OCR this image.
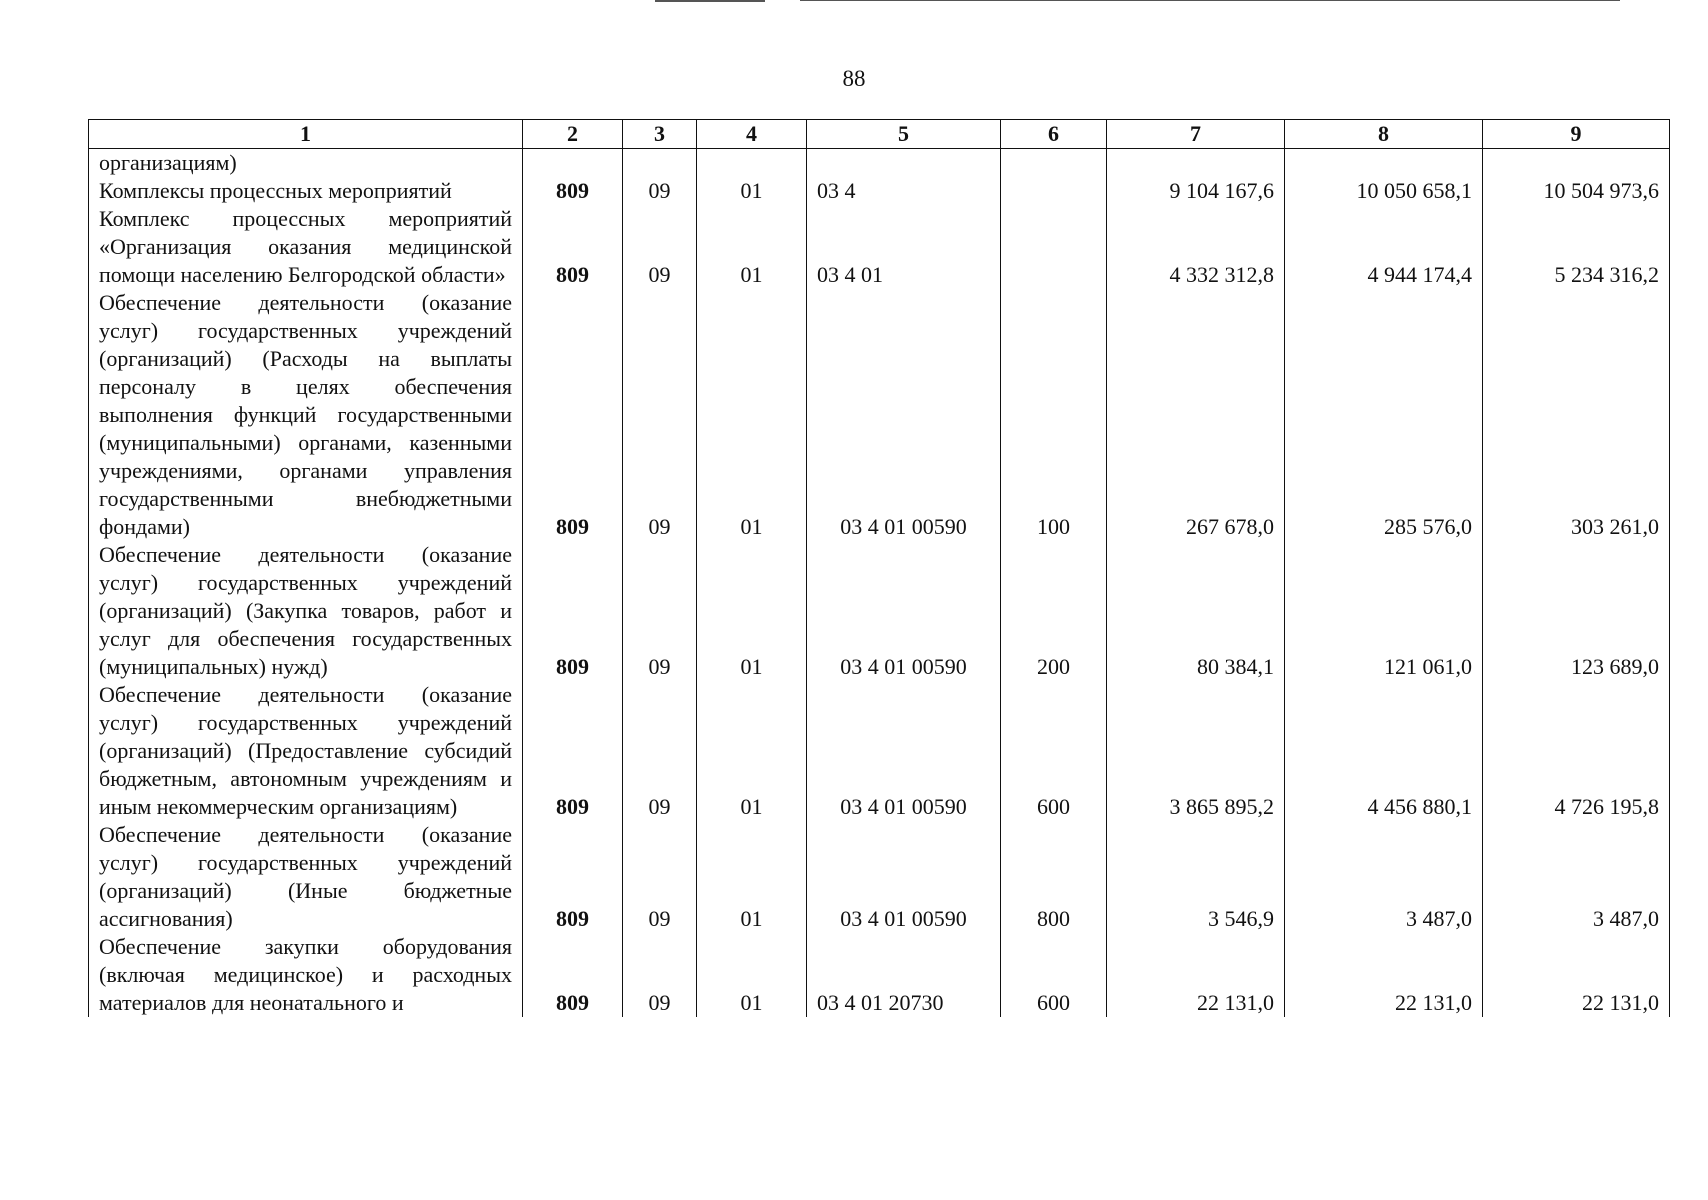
88
1	2	3	4	5	6	7	8	9
организациям)								
Комплексы процессных мероприятий	809	09	01	03 4		9 104 167,6	10 050 658,1	10 504 973,6
Комплекс процессных мероприятий «Организация оказания медицинской помощи населению Белгородской области»	809	09	01	03 4 01		4 332 312,8	4 944 174,4	5 234 316,2
Обеспечение деятельности (оказание услуг) государственных учреждений (организаций) (Расходы на выплаты персоналу в целях обеспечения выполнения функций государственными (муниципальными) органами, казенными учреждениями, органами управления государственными внебюджетными фондами)	809	09	01	03 4 01 00590	100	267 678,0	285 576,0	303 261,0
Обеспечение деятельности (оказание услуг) государственных учреждений (организаций) (Закупка товаров, работ и услуг для обеспечения государственных (муниципальных) нужд)	809	09	01	03 4 01 00590	200	80 384,1	121 061,0	123 689,0
Обеспечение деятельности (оказание услуг) государственных учреждений (организаций) (Предоставление субсидий бюджетным, автономным учреждениям и иным некоммерческим организациям)	809	09	01	03 4 01 00590	600	3 865 895,2	4 456 880,1	4 726 195,8
Обеспечение деятельности (оказание услуг) государственных учреждений (организаций) (Иные бюджетные ассигнования)	809	09	01	03 4 01 00590	800	3 546,9	3 487,0	3 487,0
Обеспечение закупки оборудования (включая медицинское) и расходных материалов для неонатального и	809	09	01	03 4 01 20730	600	22 131,0	22 131,0	22 131,0
